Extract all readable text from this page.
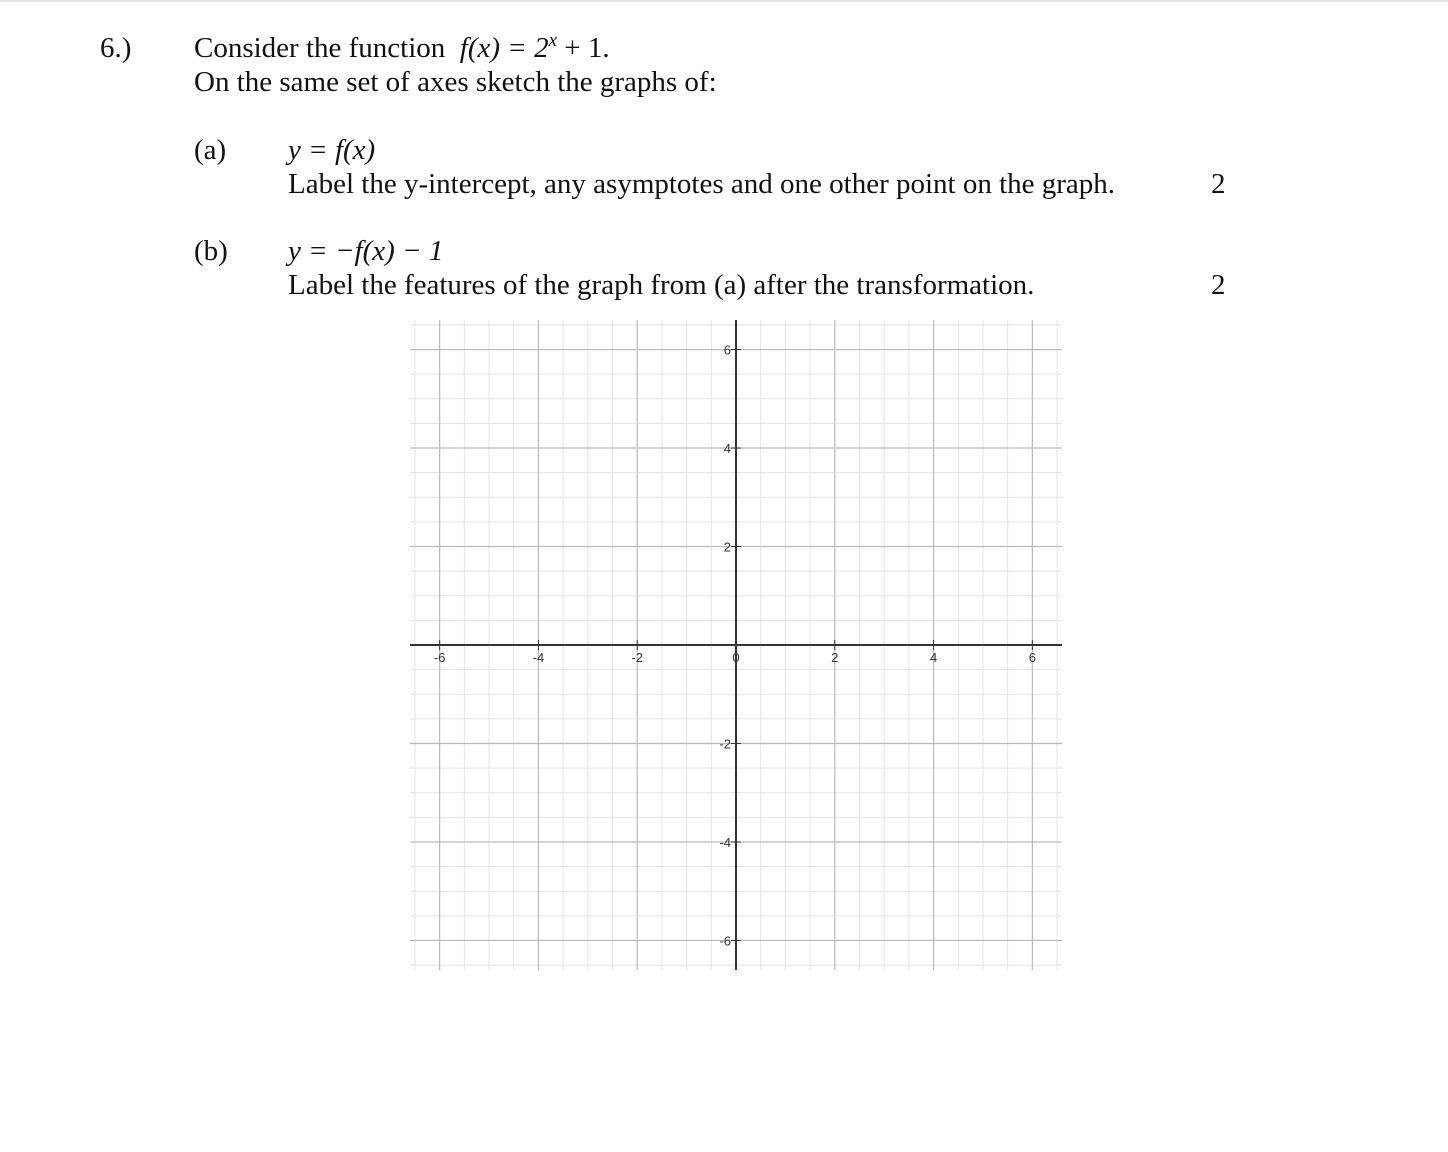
6.) Consider the function  $f(x) = 2^x + 1$.
On the same set of axes sketch the graphs of:
(a) y = f(x)
Label the y-intercept, any asymptotes and one other point on the graph.	2
(b) y = −f(x) − 1
Label the features of the graph from (a) after the transformation.	2
-6	-4	-2	0	2	4	6
6
4
2
-2
-4
-6
